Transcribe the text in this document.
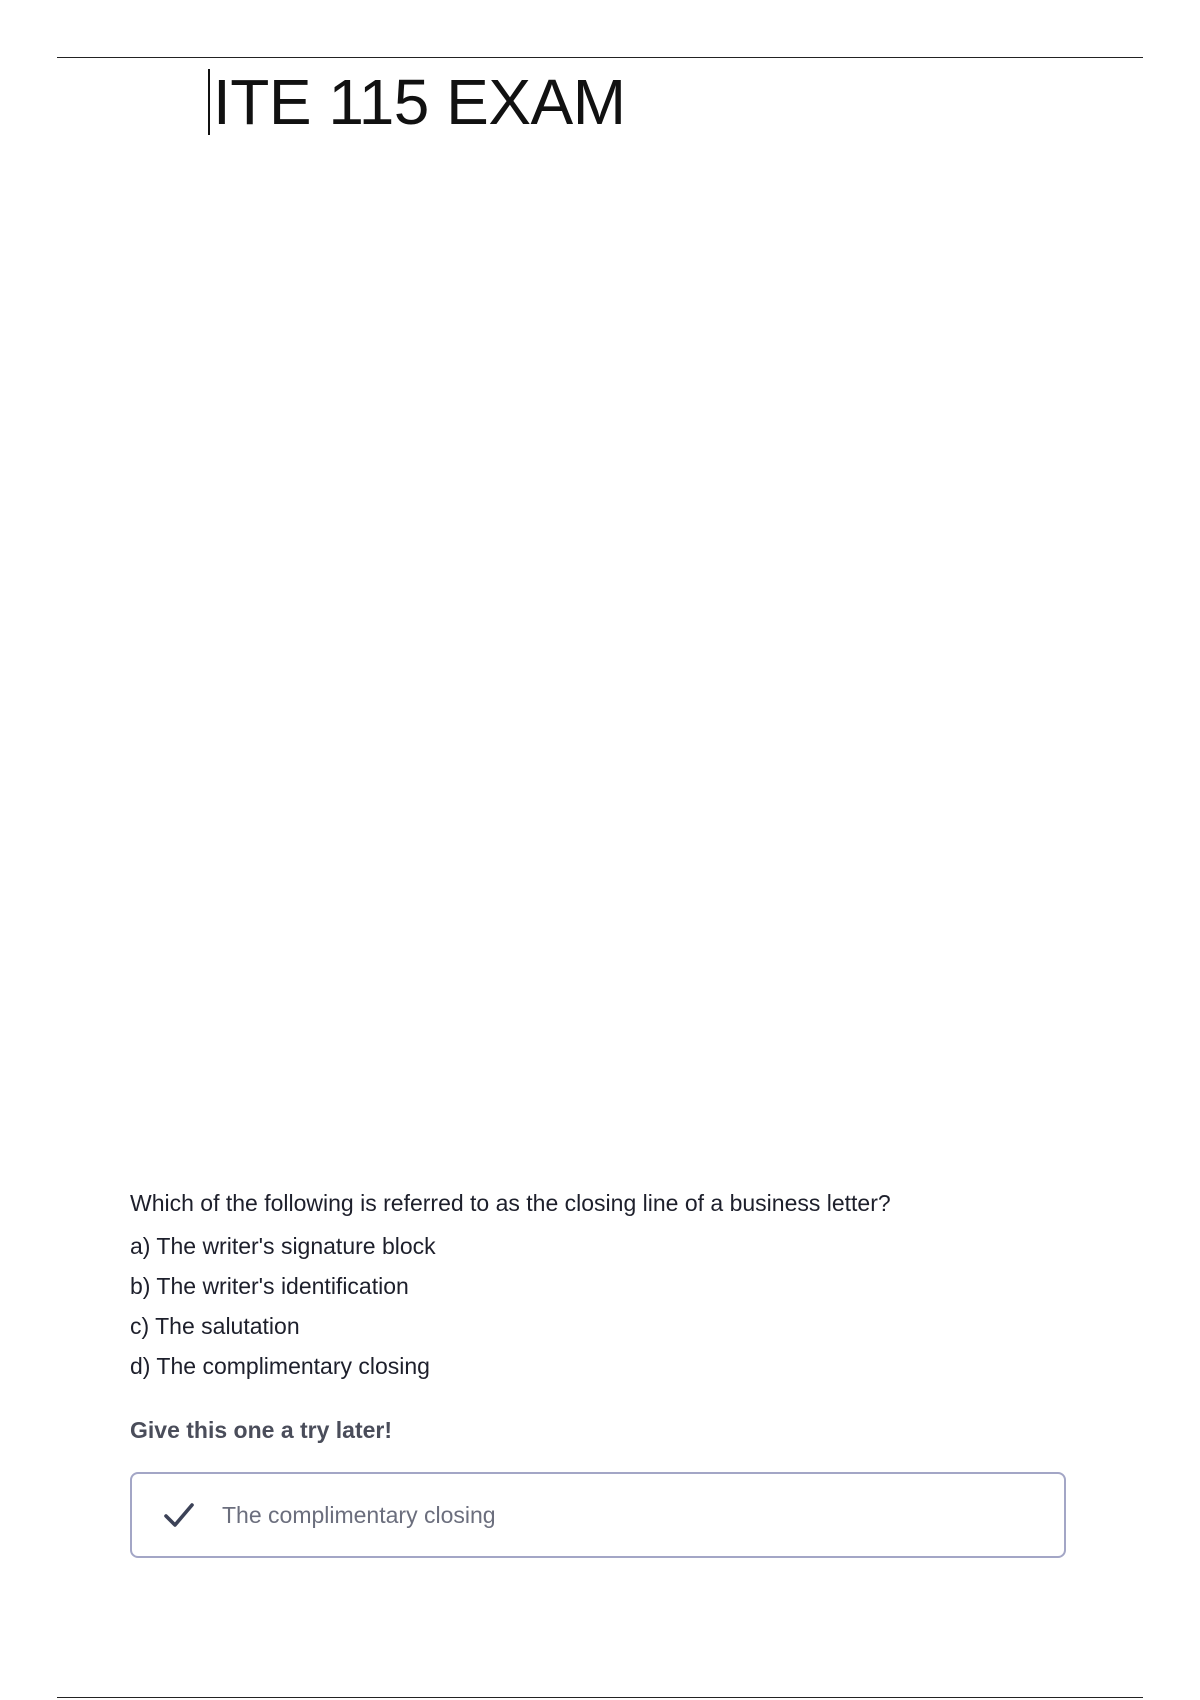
ITE 115 EXAM

Which of the following is referred to as the closing line of a business letter?

a) The writer's signature block
b) The writer's identification
c) The salutation
d) The complimentary closing
Give this one a try later!
The complimentary closing
